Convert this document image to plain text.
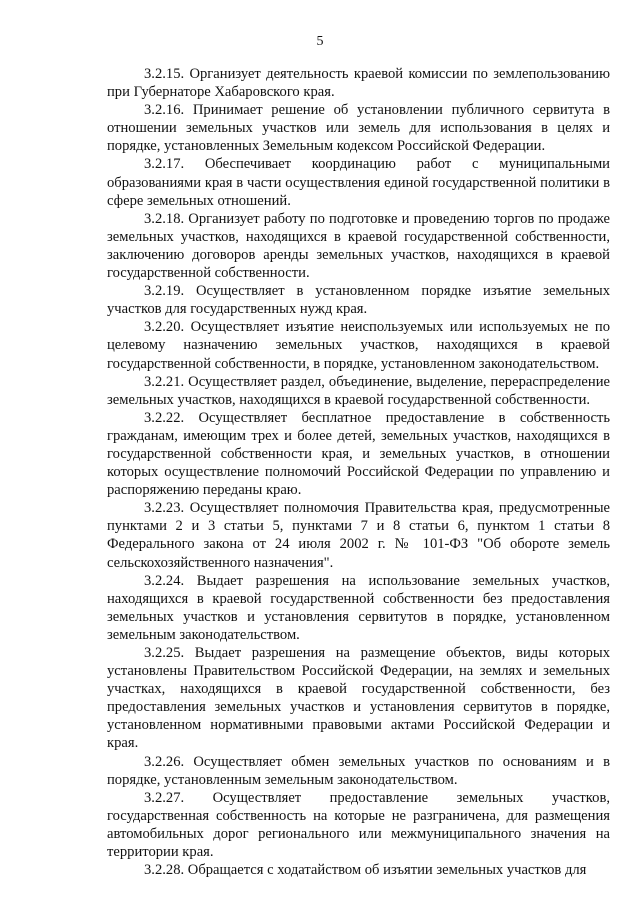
5

3.2.15. Организует деятельность краевой комиссии по землепользованию при Губернаторе Хабаровского края.

3.2.16. Принимает решение об установлении публичного сервитута в отношении земельных участков или земель для использования в целях и порядке, установленных Земельным кодексом Российской Федерации.

3.2.17. Обеспечивает координацию работ с муниципальными образованиями края в части осуществления единой государственной политики в сфере земельных отношений.

3.2.18. Организует работу по подготовке и проведению торгов по продаже земельных участков, находящихся в краевой государственной собственности, заключению договоров аренды земельных участков, находящихся в краевой государственной собственности.

3.2.19. Осуществляет в установленном порядке изъятие земельных участков для государственных нужд края.

3.2.20. Осуществляет изъятие неиспользуемых или используемых не по целевому назначению земельных участков, находящихся в краевой государственной собственности, в порядке, установленном законодательством.

3.2.21. Осуществляет раздел, объединение, выделение, перераспределение земельных участков, находящихся в краевой государственной собственности.

3.2.22. Осуществляет бесплатное предоставление в собственность гражданам, имеющим трех и более детей, земельных участков, находящихся в государственной собственности края, и земельных участков, в отношении которых осуществление полномочий Российской Федерации по управлению и распоряжению переданы краю.

3.2.23. Осуществляет полномочия Правительства края, предусмотренные пунктами 2 и 3 статьи 5, пунктами 7 и 8 статьи 6, пунктом 1 статьи 8 Федерального закона от 24 июля 2002 г. № 101-ФЗ "Об обороте земель сельскохозяйственного назначения".

3.2.24. Выдает разрешения на использование земельных участков, находящихся в краевой государственной собственности без предоставления земельных участков и установления сервитутов в порядке, установленном земельным законодательством.

3.2.25. Выдает разрешения на размещение объектов, виды которых установлены Правительством Российской Федерации, на землях и земельных участках, находящихся в краевой государственной собственности, без предоставления земельных участков и установления сервитутов в порядке, установленном нормативными правовыми актами Российской Федерации и края.

3.2.26. Осуществляет обмен земельных участков по основаниям и в порядке, установленным земельным законодательством.

3.2.27. Осуществляет предоставление земельных участков, государственная собственность на которые не разграничена, для размещения автомобильных дорог регионального или межмуниципального значения на территории края.

3.2.28. Обращается с ходатайством об изъятии земельных участков для
